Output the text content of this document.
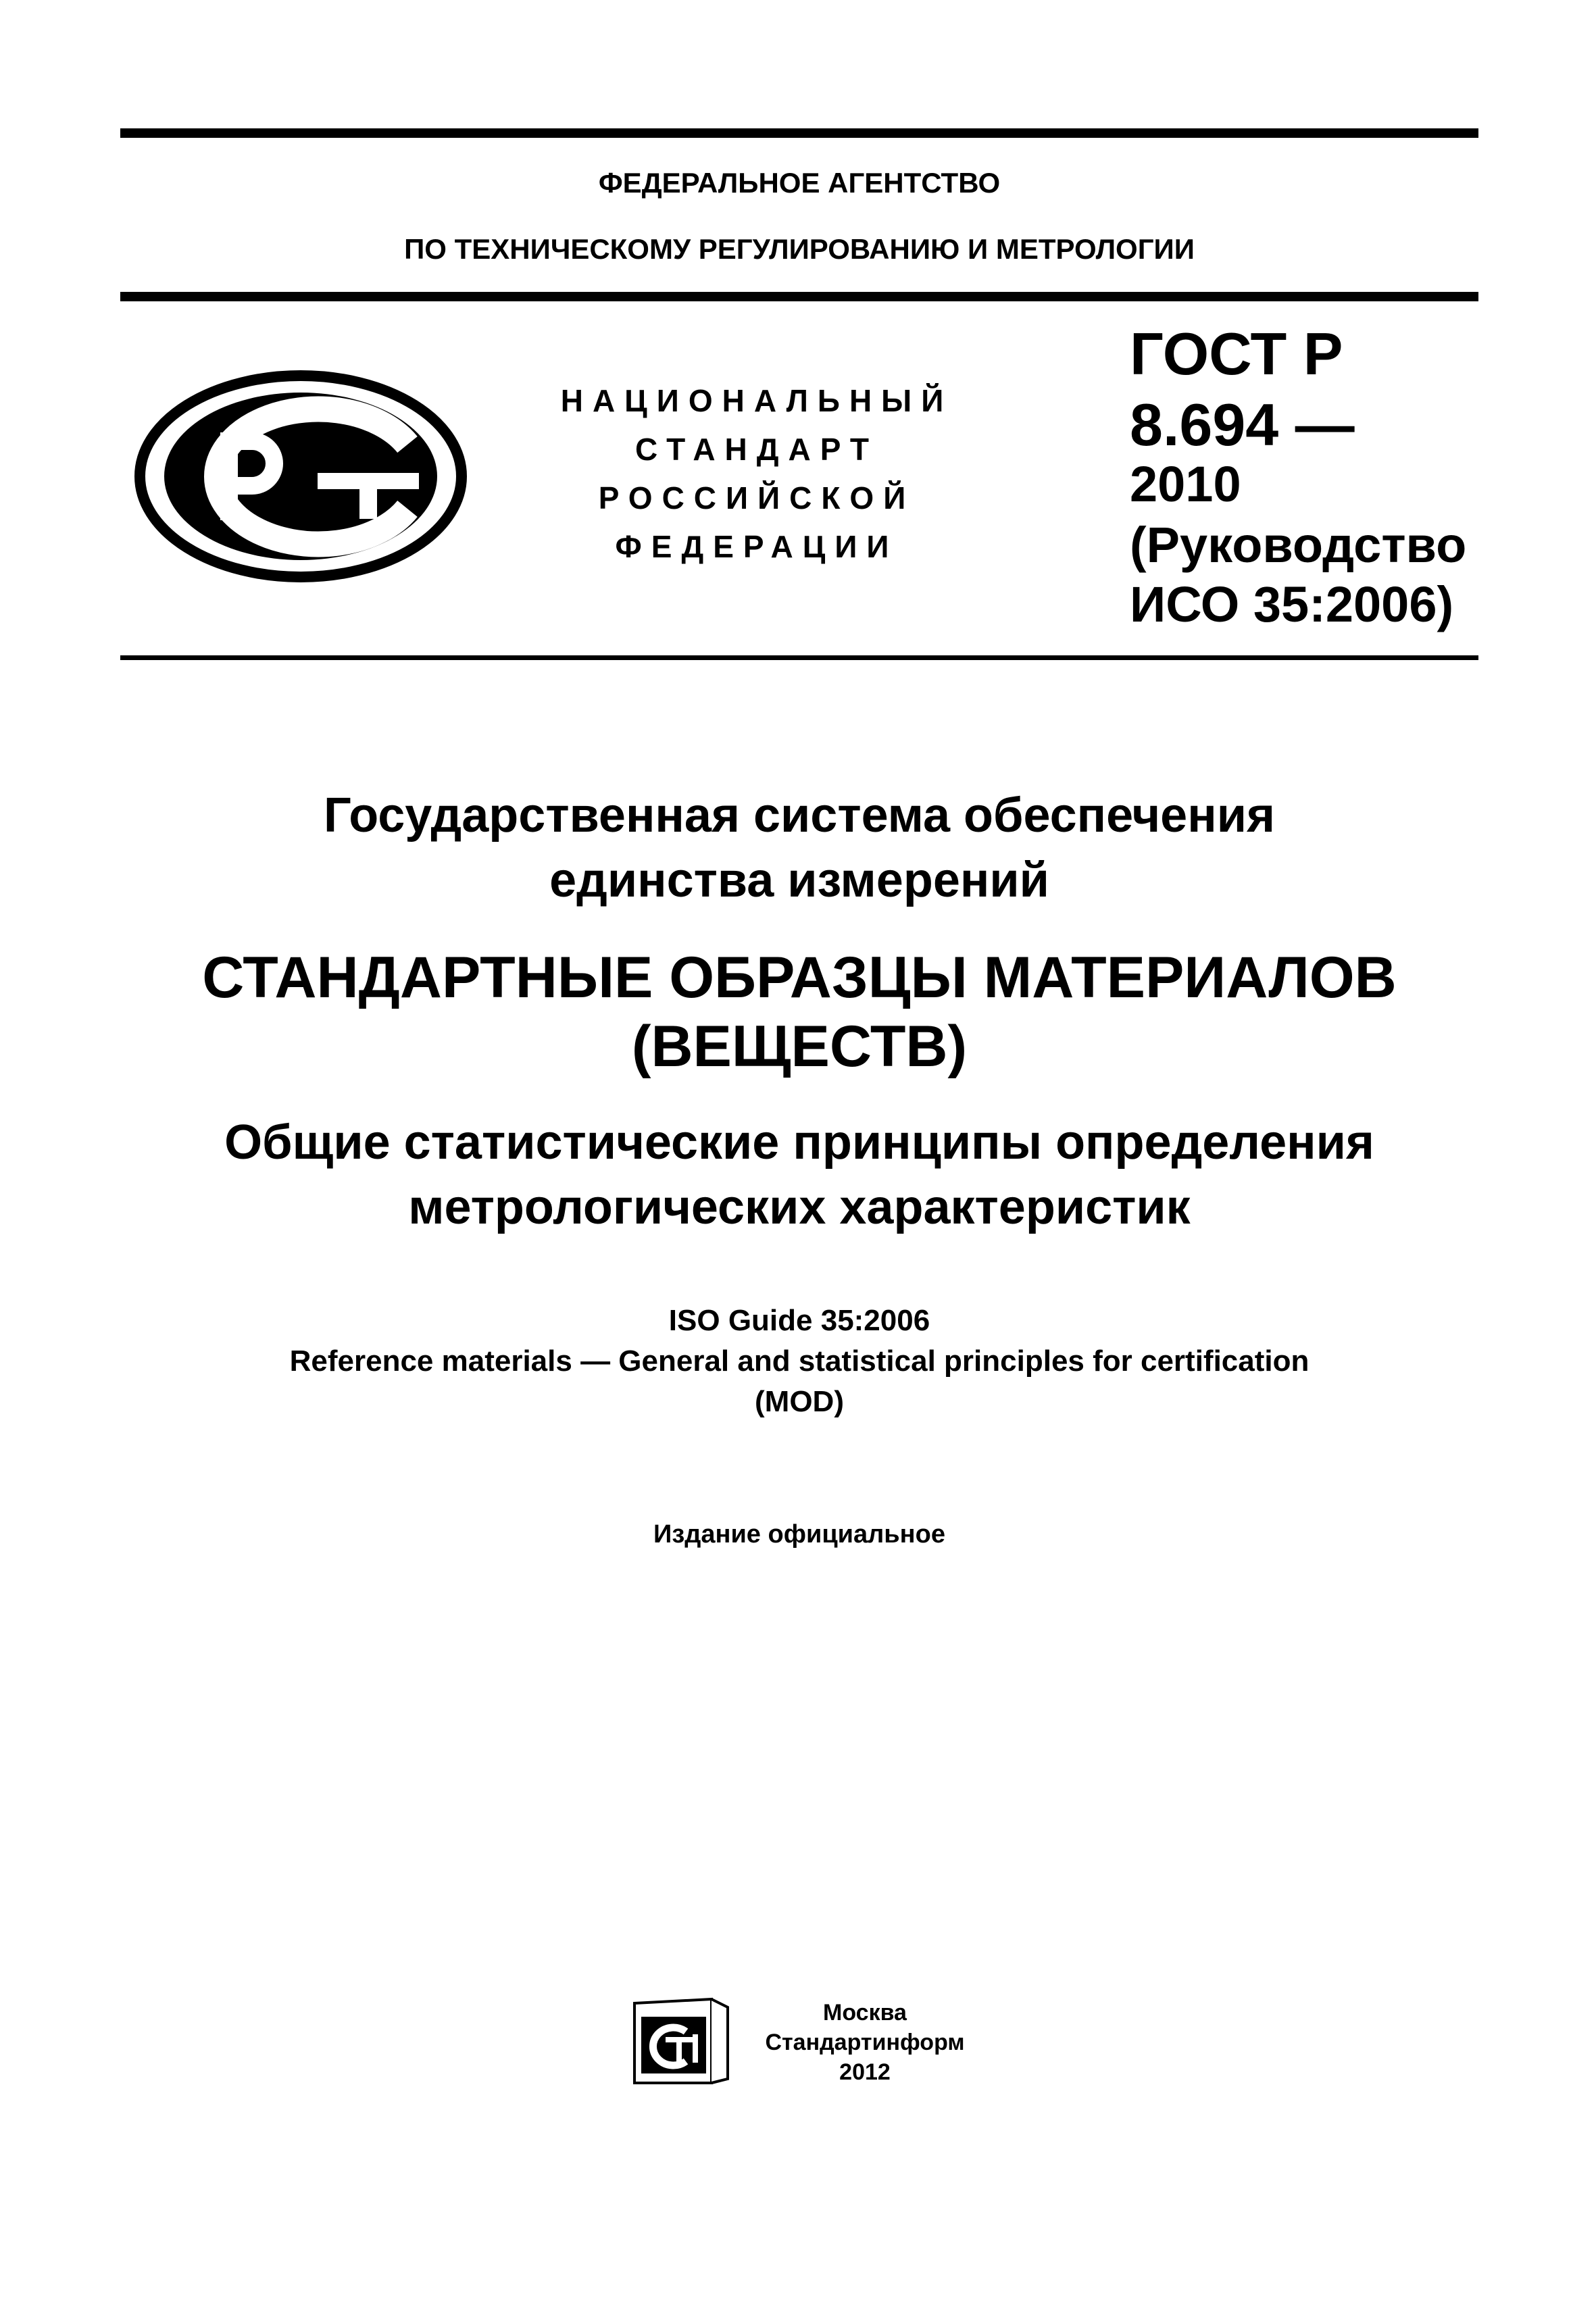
ФЕДЕРАЛЬНОЕ АГЕНТСТВО
ПО ТЕХНИЧЕСКОМУ РЕГУЛИРОВАНИЮ И МЕТРОЛОГИИ
НАЦИОНАЛЬНЫЙ
СТАНДАРТ
РОССИЙСКОЙ
ФЕДЕРАЦИИ
ГОСТ Р
8.694 —
2010
(Руководство
ИСО 35:2006)
Государственная система обеспечения
единства измерений
СТАНДАРТНЫЕ ОБРАЗЦЫ МАТЕРИАЛОВ
(ВЕЩЕСТВ)
Общие статистические принципы определения
метрологических характеристик
ISO Guide 35:2006
Reference materials — General and statistical principles for certification
(MOD)
Издание официальное
Москва
Стандартинформ
2012
